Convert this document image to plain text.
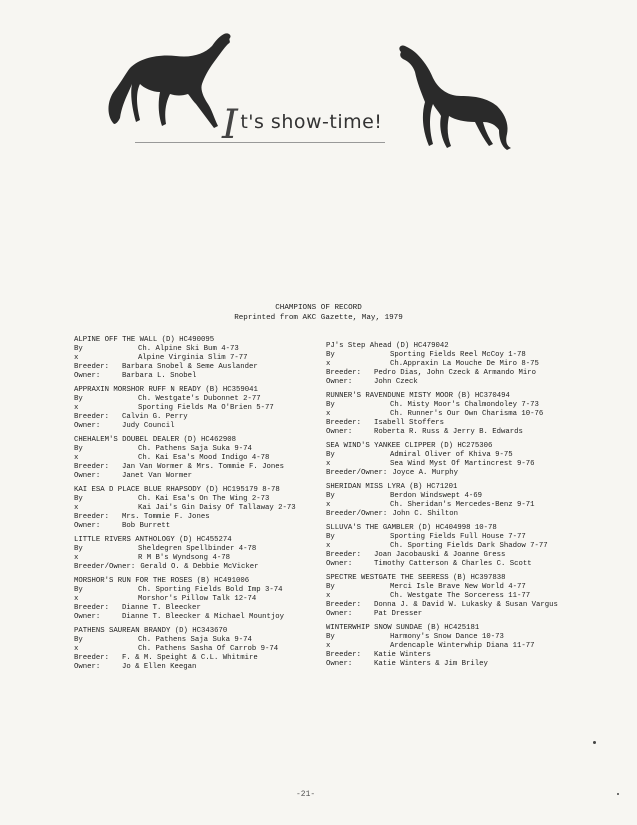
It's show-time!
CHAMPIONS OF RECORD
Reprinted from AKC Gazette, May, 1979
ALPINE OFF THE WALL (D) HC490095
By	Ch. Alpine Ski Bum 4-73
x	Alpine Virginia Slim 7-77
Breeder:	Barbara Snobel & Seme Auslander
Owner:	Barbara L. Snobel
APPRAXIN MORSHOR RUFF N READY (B) HC359041
By	Ch. Westgate's Dubonnet 2-77
x	Sporting Fields Ma O'Brien 5-77
Breeder:	Calvin G. Perry
Owner:	Judy Council
CHEHALEM'S DOUBEL DEALER (D) HC462908
By	Ch. Pathens Saja Suka 9-74
x	Ch. Kai Esa's Mood Indigo 4-78
Breeder:	Jan Van Wormer & Mrs. Tommie F. Jones
Owner:	Janet Van Wormer
KAI ESA D PLACE BLUE RHAPSODY (D) HC195179 8-78
By	Ch. Kai Esa's On The Wing 2-73
x	Kai Jai's Gin Daisy Of Tallaway 2-73
Breeder:	Mrs. Tommie F. Jones
Owner:	Bob Burrett
LITTLE RIVERS ANTHOLOGY (D) HC455274
By	Sheldegren Spellbinder 4-78
x	R M B's Wyndsong 4-78
Breeder/Owner: Gerald O. & Debbie McVicker
MORSHOR'S RUN FOR THE ROSES (B) HC491006
By	Ch. Sporting Fields Bold Imp 3-74
x	Morshor's Pillow Talk 12-74
Breeder:	Dianne T. Bleecker
Owner:	Dianne T. Bleecker & Michael Mountjoy
PATHENS SAUREAN BRANDY (D) HC343670
By	Ch. Pathens Saja Suka 9-74
x	Ch. Pathens Sasha Of Carrob 9-74
Breeder:	F. & M. Speight & C.L. Whitmire
Owner:	Jo & Ellen Keegan
PJ's Step Ahead (D) HC479042
By	Sporting Fields Reel McCoy 1-78
x	Ch.Appraxin La Mouche De Miro 8-75
Breeder:	Pedro Dias, John Czeck & Armando Miro
Owner:	John Czeck
RUNNER'S RAVENDUNE MISTY MOOR (B) HC370494
By	Ch. Misty Moor's Chalmondoley 7-73
x	Ch. Runner's Our Own Charisma 10-76
Breeder:	Isabell Stoffers
Owner:	Roberta R. Russ & Jerry B. Edwards
SEA WIND'S YANKEE CLIPPER (D) HC275306
By	Admiral Oliver of Khiva 9-75
x	Sea Wind Myst Of Martincrest 9-76
Breeder/Owner: Joyce A. Murphy
SHERIDAN MISS LYRA (B) HC71201
By	Berdon Windswept 4-69
x	Ch. Sheridan's Mercedes-Benz 9-71
Breeder/Owner: John C. Shilton
SLLUVA'S THE GAMBLER (D) HC404998 10-78
By	Sporting Fields Full House 7-77
x	Ch. Sporting Fields Dark Shadow 7-77
Breeder:	Joan Jacobauski & Joanne Gress
Owner:	Timothy Catterson & Charles C. Scott
SPECTRE WESTGATE THE SEERESS (B) HC397838
By	Merci Isle Brave New World 4-77
x	Ch. Westgate The Sorceress 11-77
Breeder:	Donna J. & David W. Lukasky & Susan Vargus
Owner:	Pat Dresser
WINTERWHIP SNOW SUNDAE (B) HC425181
By	Harmony's Snow Dance 10-73
x	Ardencaple Winterwhip Diana 11-77
Breeder:	Katie Winters
Owner:	Katie Winters & Jim Briley
-21-
